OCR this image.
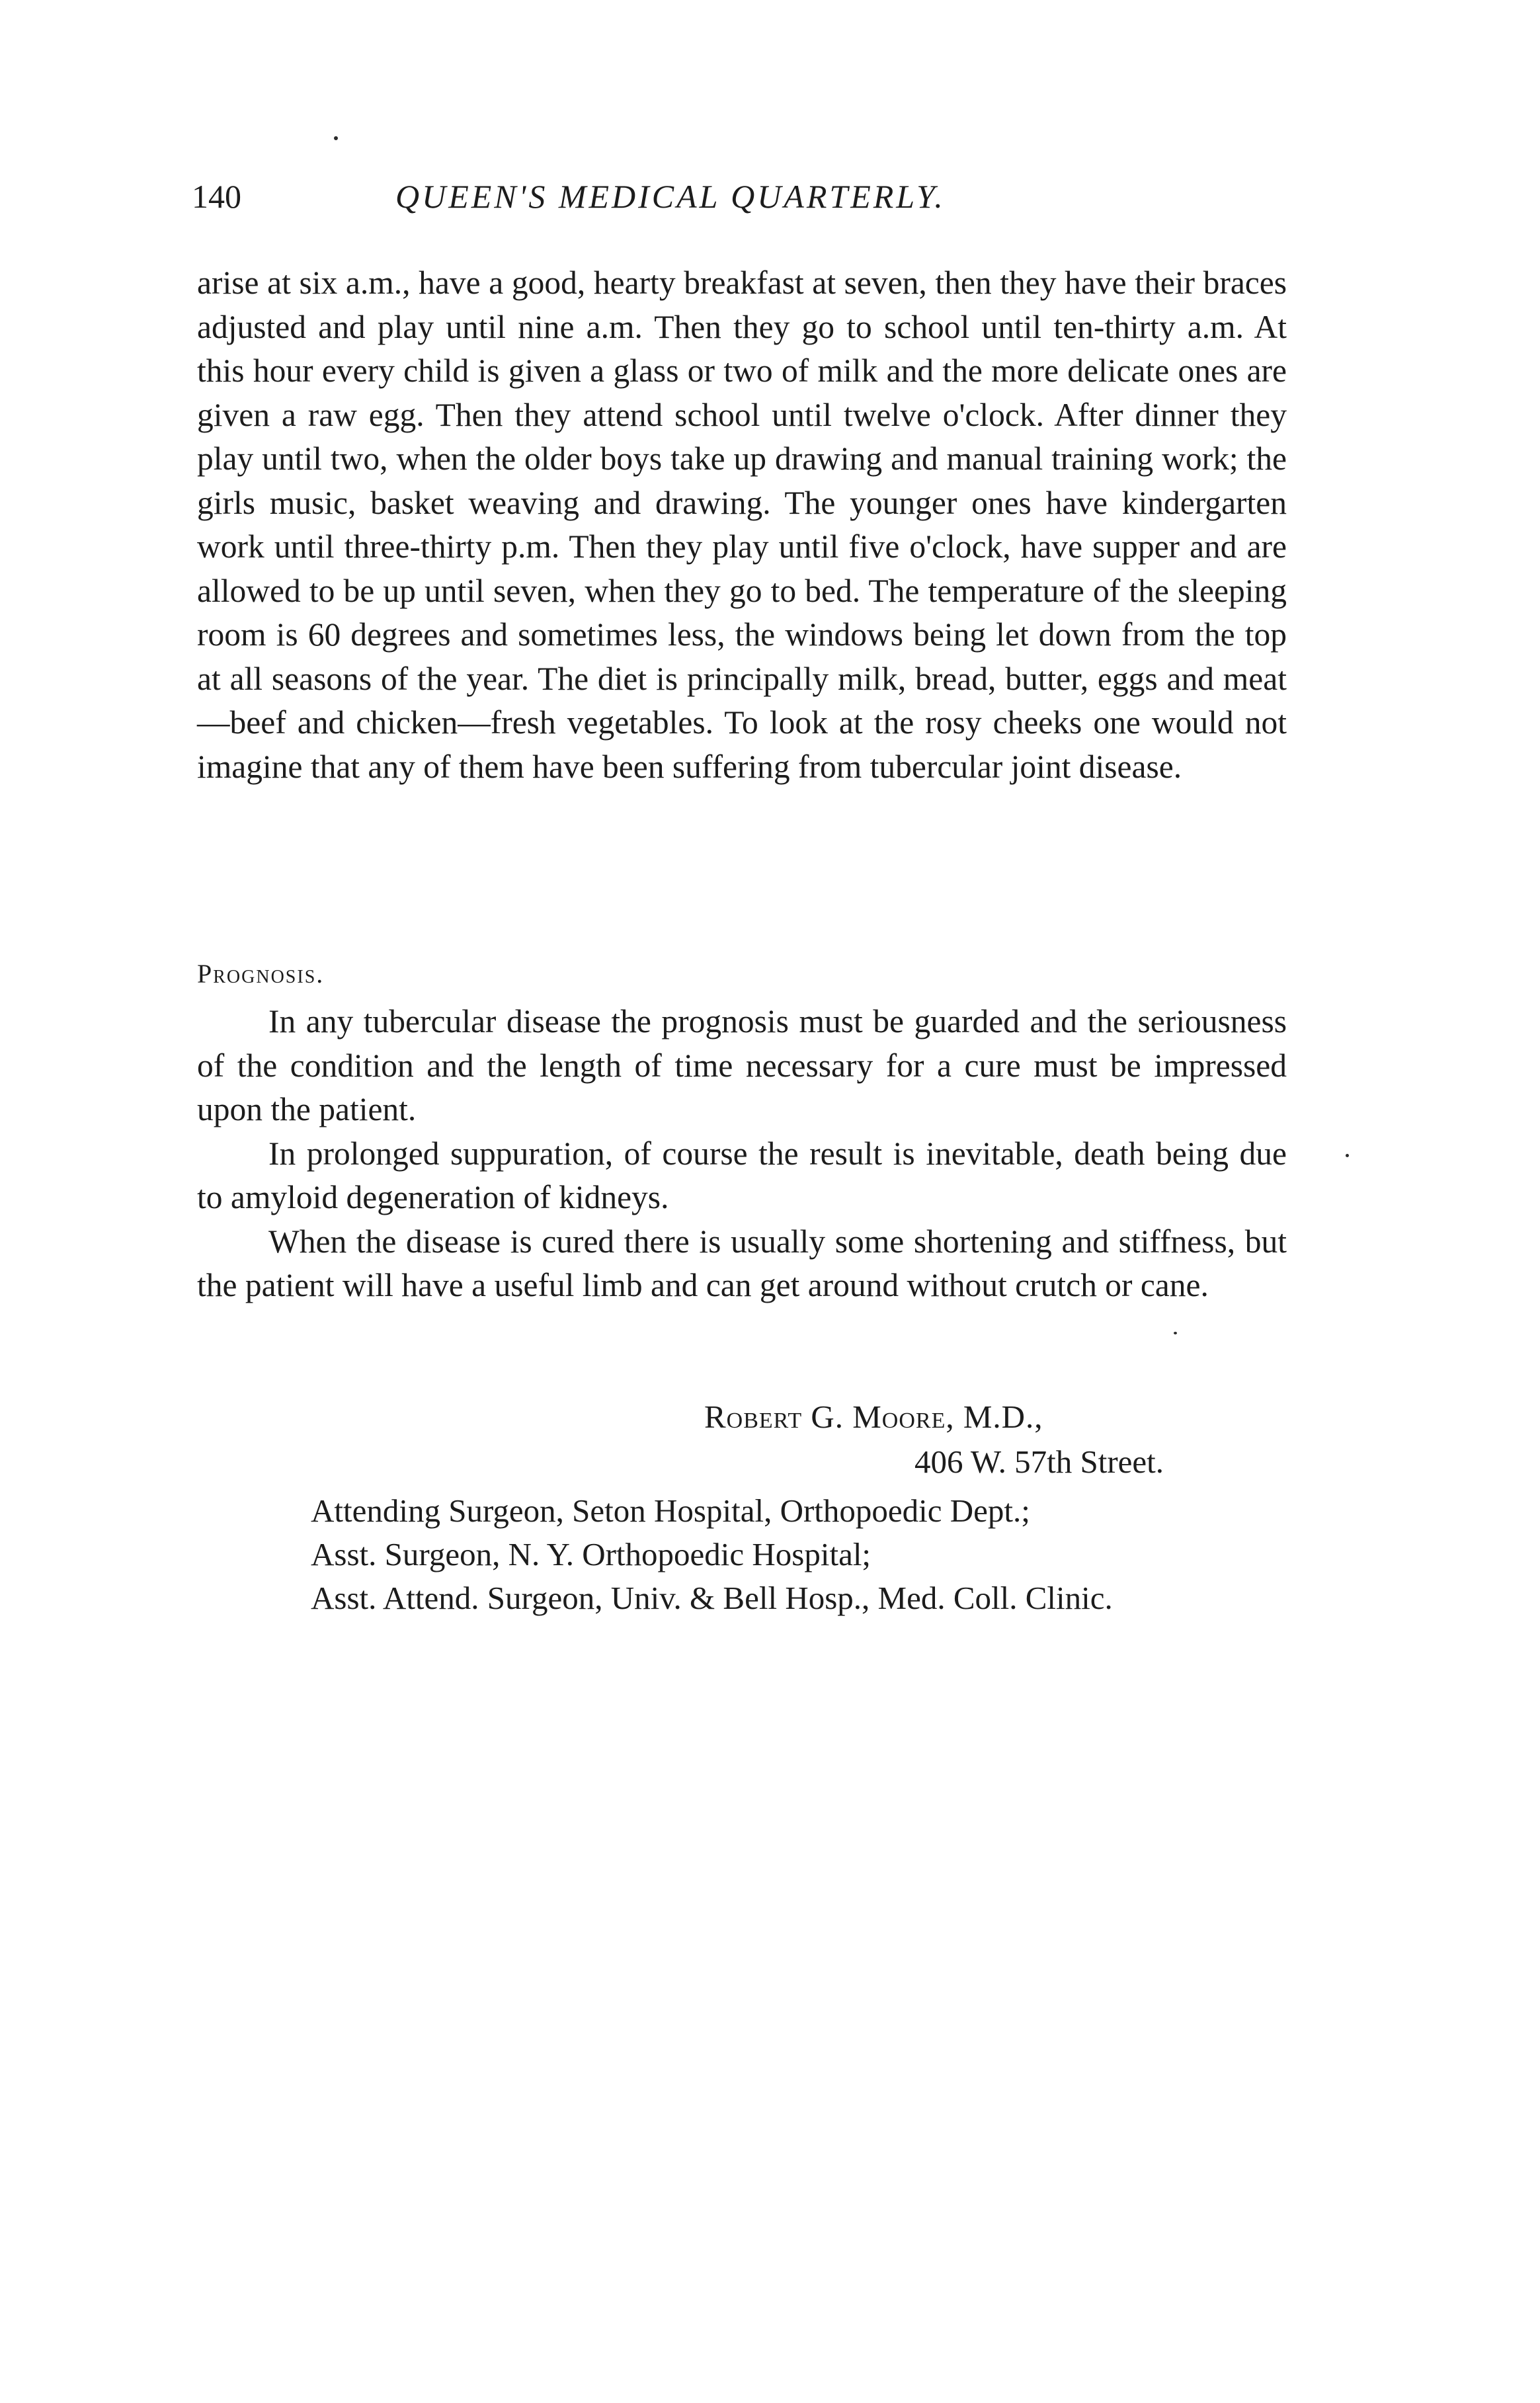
140	QUEEN'S MEDICAL QUARTERLY.

arise at six a.m., have a good, hearty breakfast at seven, then they have their braces adjusted and play until nine a.m. Then they go to school until ten-thirty a.m. At this hour every child is given a glass or two of milk and the more delicate ones are given a raw egg. Then they attend school until twelve o'clock. After dinner they play until two, when the older boys take up drawing and manual training work; the girls music, basket weaving and drawing. The younger ones have kindergarten work until three-thirty p.m. Then they play until five o'clock, have supper and are allowed to be up until seven, when they go to bed. The temperature of the sleeping room is 60 degrees and sometimes less, the windows being let down from the top at all seasons of the year. The diet is principally milk, bread, butter, eggs and meat—beef and chicken—fresh vegetables. To look at the rosy cheeks one would not imagine that any of them have been suffering from tubercular joint disease.

Prognosis.

In any tubercular disease the prognosis must be guarded and the seriousness of the condition and the length of time necessary for a cure must be impressed upon the patient.

In prolonged suppuration, of course the result is inevitable, death being due to amyloid degeneration of kidneys.

When the disease is cured there is usually some shortening and stiffness, but the patient will have a useful limb and can get around without crutch or cane.

Robert G. Moore, M.D.,
406 W. 57th Street.
Attending Surgeon, Seton Hospital, Orthopoedic Dept.;
Asst. Surgeon, N. Y. Orthopoedic Hospital;
Asst. Attend. Surgeon, Univ. & Bell Hosp., Med. Coll. Clinic.
